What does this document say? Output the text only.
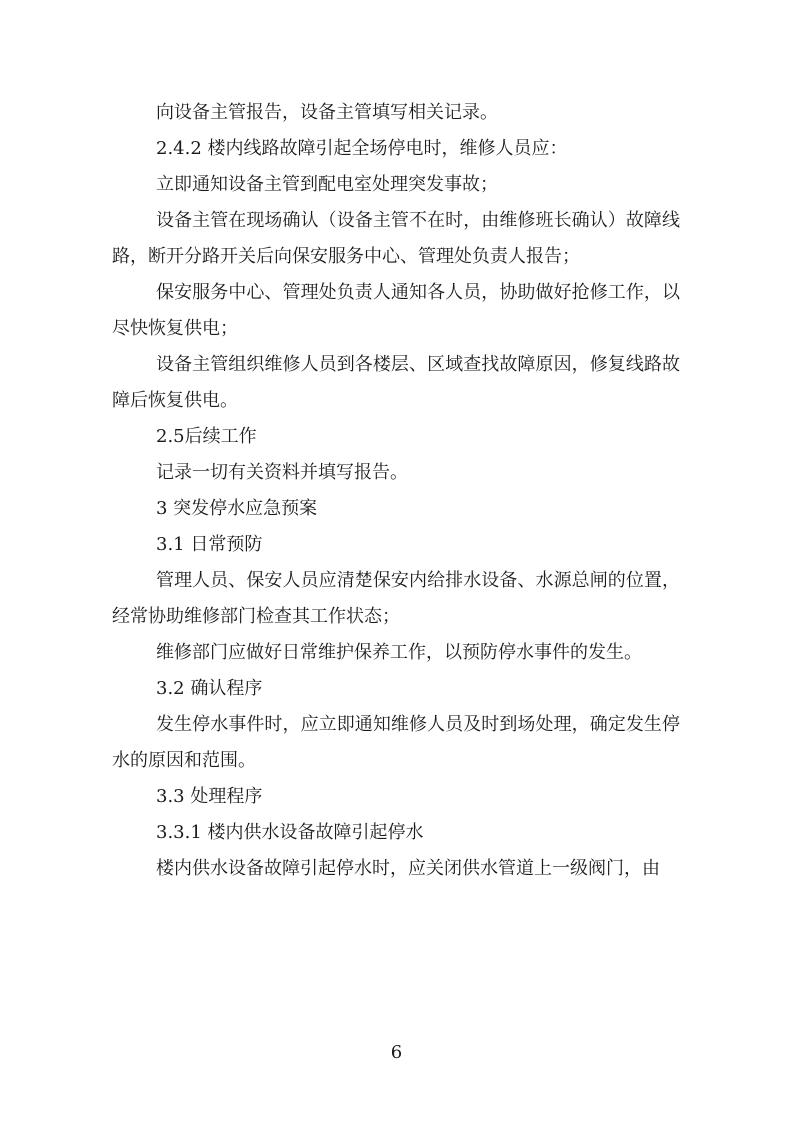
向设备主管报告，设备主管填写相关记录。

2.4.2 楼内线路故障引起全场停电时，维修人员应：

立即通知设备主管到配电室处理突发事故；

设备主管在现场确认（设备主管不在时，由维修班长确认）故障线路，断开分路开关后向保安服务中心、管理处负责人报告；

保安服务中心、管理处负责人通知各人员，协助做好抢修工作，以尽快恢复供电；

设备主管组织维修人员到各楼层、区域查找故障原因，修复线路故障后恢复供电。

2.5后续工作

记录一切有关资料并填写报告。

3 突发停水应急预案

3.1 日常预防

管理人员、保安人员应清楚保安内给排水设备、水源总闸的位置，经常协助维修部门检查其工作状态；

维修部门应做好日常维护保养工作，以预防停水事件的发生。

3.2 确认程序

发生停水事件时，应立即通知维修人员及时到场处理，确定发生停水的原因和范围。

3.3 处理程序

3.3.1 楼内供水设备故障引起停水

楼内供水设备故障引起停水时，应关闭供水管道上一级阀门，由

6
